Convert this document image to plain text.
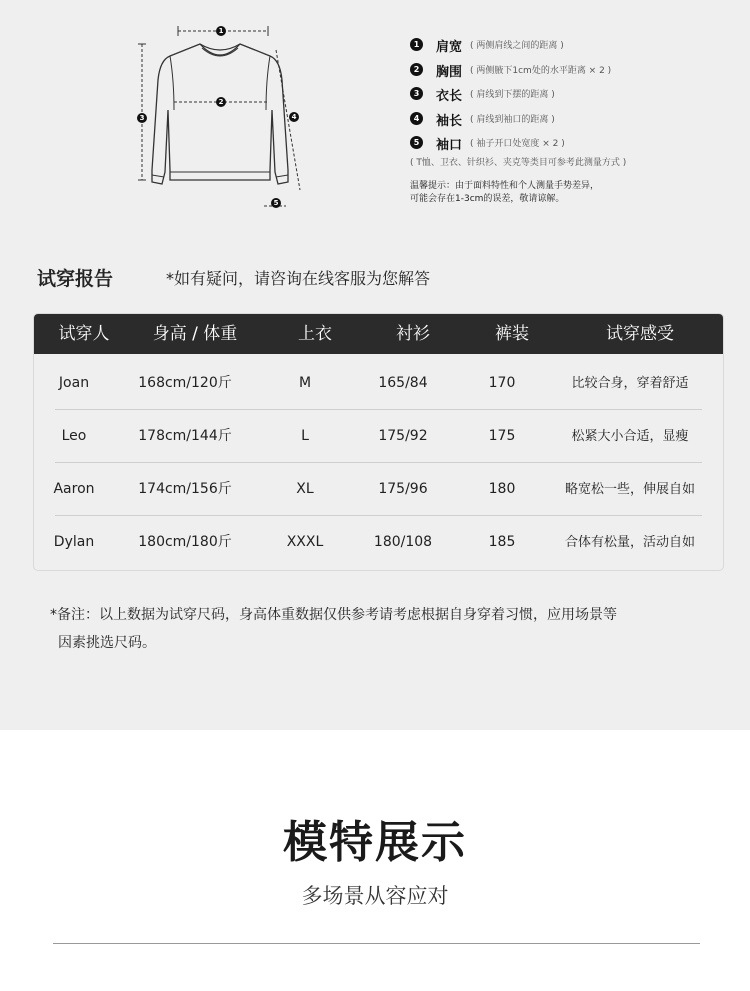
1
2
3	4
5
1 肩宽 ( 两侧肩线之间的距离 )
2 胸围 ( 两侧腋下1cm处的水平距离 × 2 )
3 衣长 ( 肩线到下摆的距离 )
4 袖长 ( 肩线到袖口的距离 )
5 袖口 ( 袖子开口处宽度 × 2 )
( T恤、卫衣、针织衫、夹克等类目可参考此测量方式 )
温馨提示：由于面料特性和个人测量手势差异，
可能会存在1-3cm的误差，敬请谅解。
试穿报告	*如有疑问，请咨询在线客服为您解答
试穿人	身高 / 体重	上衣	衬衫	裤装	试穿感受
Joan	168cm/120斤	M	165/84	170	比较合身，穿着舒适
Leo	178cm/144斤	L	175/92	175	松紧大小合适，显瘦
Aaron	174cm/156斤	XL	175/96	180	略宽松一些，伸展自如
Dylan	180cm/180斤	XXXL	180/108	185	合体有松量，活动自如
*备注：以上数据为试穿尺码，身高体重数据仅供参考请考虑根据自身穿着习惯，应用场景等
因素挑选尺码。
模特展示
多场景从容应对
